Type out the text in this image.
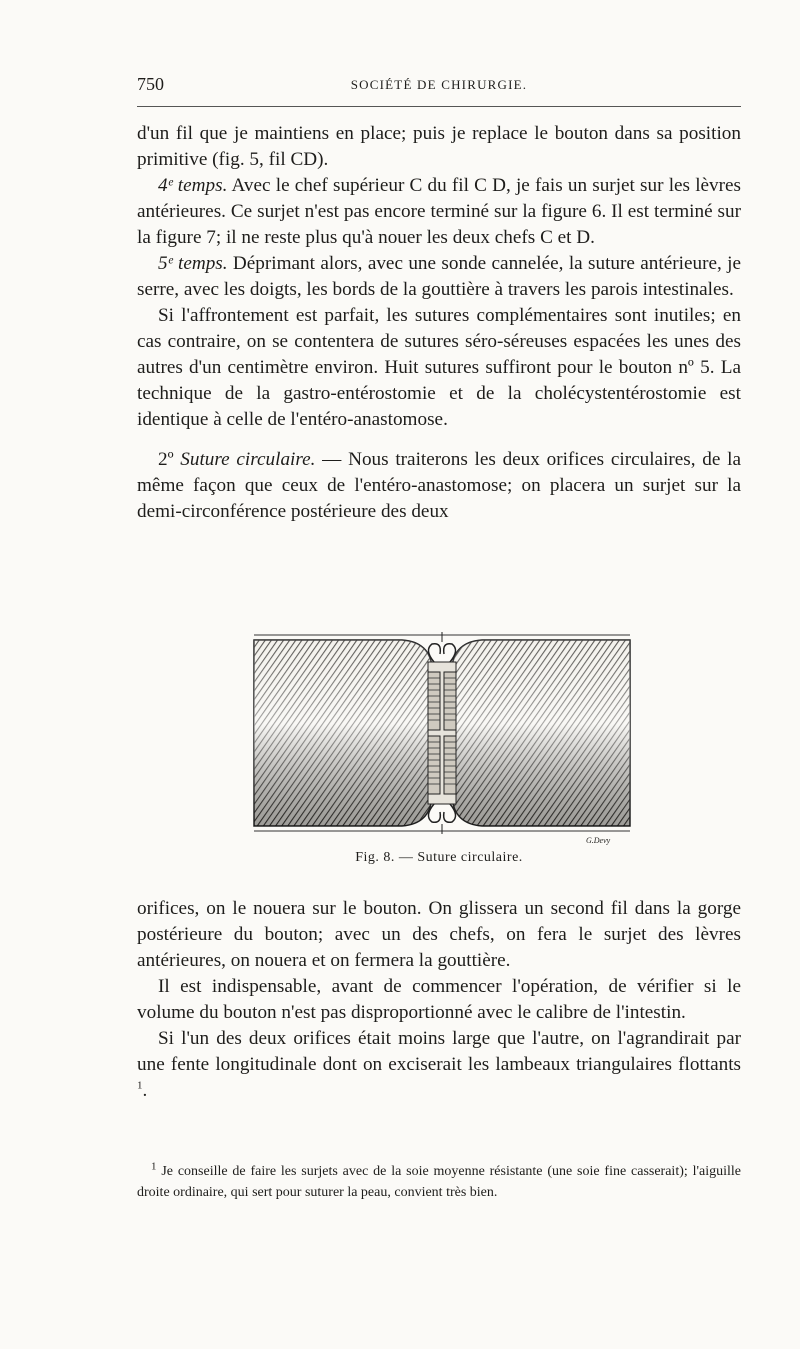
750	SOCIÉTÉ DE CHIRURGIE.

d'un fil que je maintiens en place; puis je replace le bouton dans sa position primitive (fig. 5, fil CD).

4ᵉ temps. Avec le chef supérieur C du fil C D, je fais un surjet sur les lèvres antérieures. Ce surjet n'est pas encore terminé sur la figure 6. Il est terminé sur la figure 7; il ne reste plus qu'à nouer les deux chefs C et D.

5ᵉ temps. Déprimant alors, avec une sonde cannelée, la suture antérieure, je serre, avec les doigts, les bords de la gouttière à travers les parois intestinales.

Si l'affrontement est parfait, les sutures complémentaires sont inutiles; en cas contraire, on se contentera de sutures séro-séreuses espacées les unes des autres d'un centimètre environ. Huit sutures suffiront pour le bouton nº 5. La technique de la gastro-entérostomie et de la cholécystentérostomie est identique à celle de l'entéro-anastomose.

2º Suture circulaire. — Nous traiterons les deux orifices circulaires, de la même façon que ceux de l'entéro-anastomose; on placera un surjet sur la demi-circonférence postérieure des deux

G.Devy
Fig. 8. — Suture circulaire.

orifices, on le nouera sur le bouton. On glissera un second fil dans la gorge postérieure du bouton; avec un des chefs, on fera le surjet des lèvres antérieures, on nouera et on fermera la gouttière.

Il est indispensable, avant de commencer l'opération, de vérifier si le volume du bouton n'est pas disproportionné avec le calibre de l'intestin.

Si l'un des deux orifices était moins large que l'autre, on l'agrandirait par une fente longitudinale dont on exciserait les lambeaux triangulaires flottants $^1$.

$^1$ Je conseille de faire les surjets avec de la soie moyenne résistante (une soie fine casserait); l'aiguille droite ordinaire, qui sert pour suturer la peau, convient très bien.
